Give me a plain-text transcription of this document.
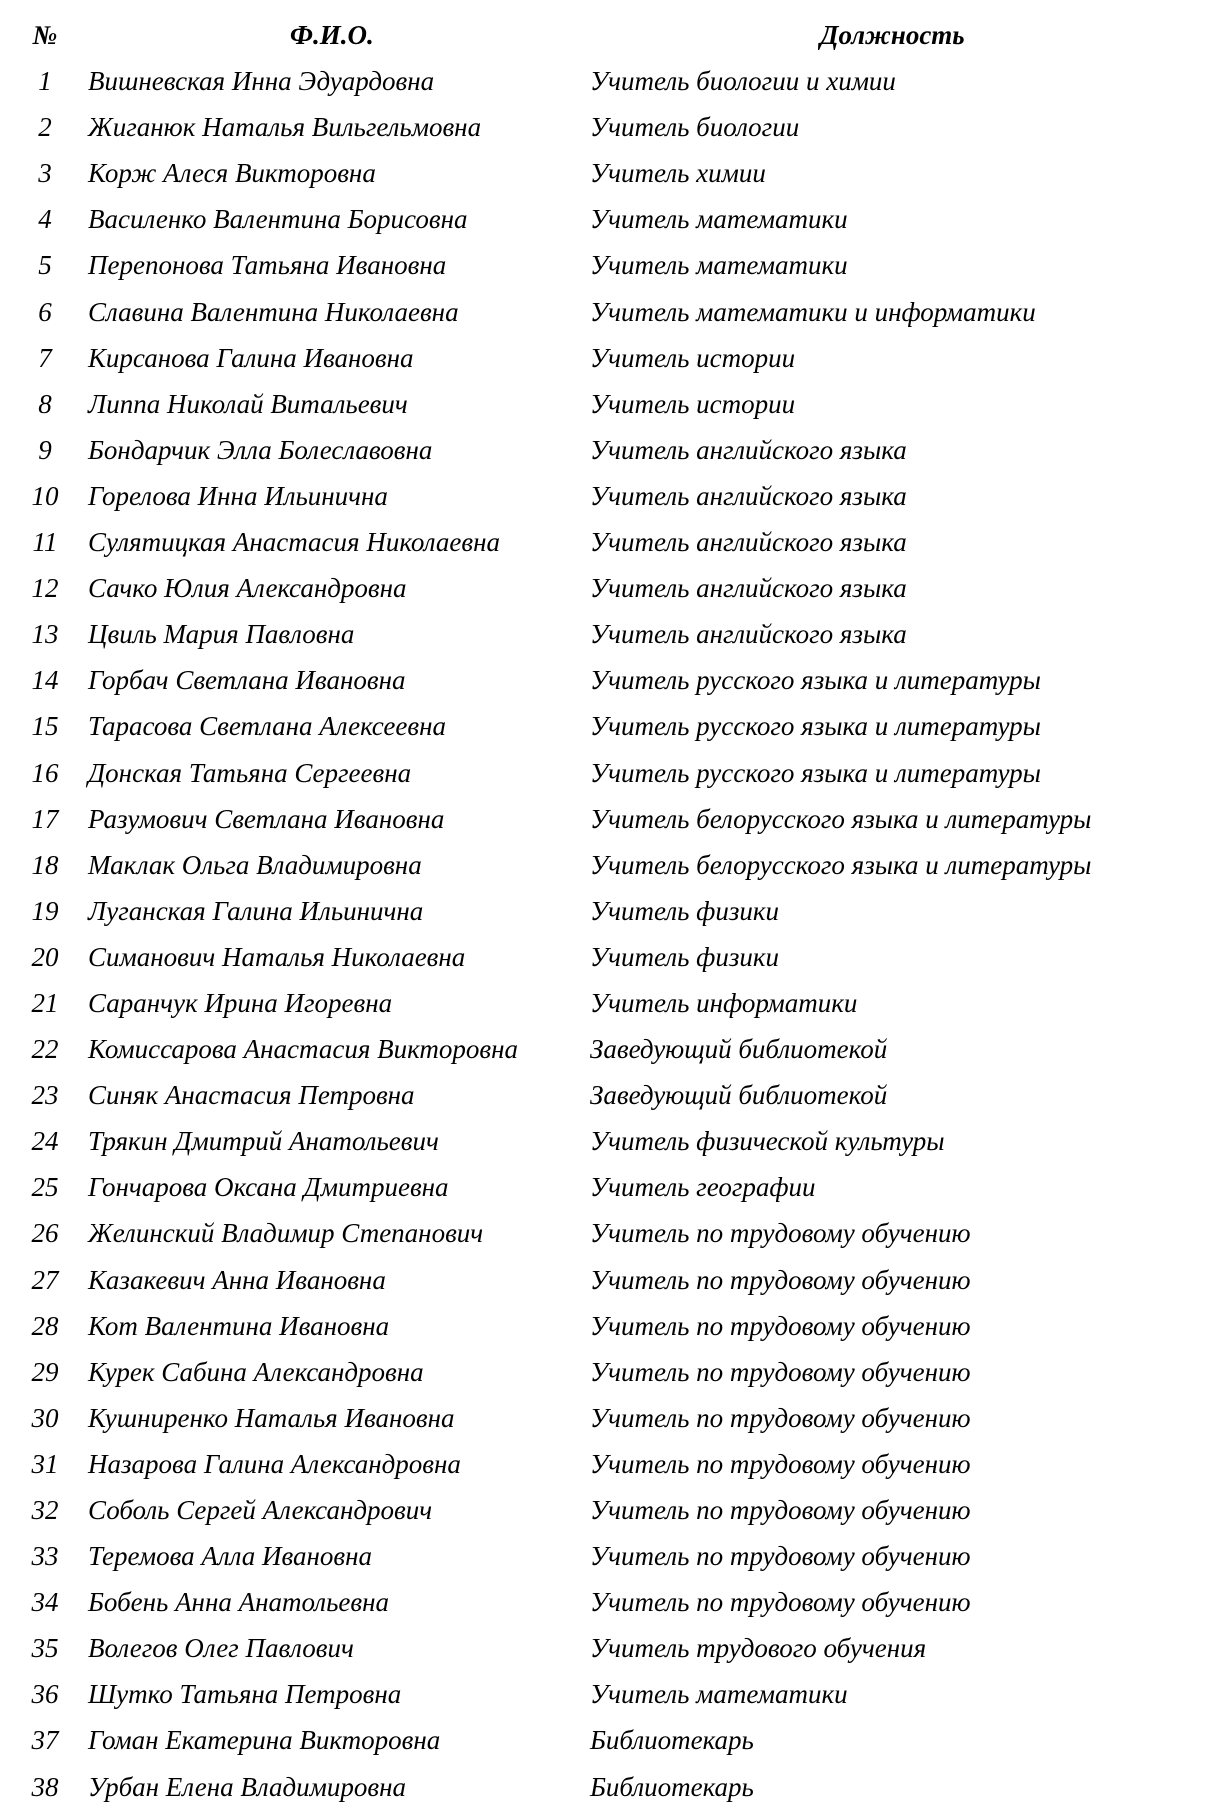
№	Ф.И.О.	Должность
1	Вишневская Инна Эдуардовна	Учитель биологии и химии
2	Жиганюк Наталья Вильгельмовна	Учитель биологии
3	Корж Алеся Викторовна	Учитель химии
4	Василенко Валентина Борисовна	Учитель математики
5	Перепонова Татьяна Ивановна	Учитель математики
6	Славина Валентина Николаевна	Учитель математики и информатики
7	Кирсанова Галина Ивановна	Учитель истории
8	Липпа Николай Витальевич	Учитель истории
9	Бондарчик Элла Болеславовна	Учитель английского языка
10	Горелова Инна Ильинична	Учитель английского языка
11	Сулятицкая Анастасия Николаевна	Учитель английского языка
12	Сачко Юлия Александровна	Учитель английского языка
13	Цвиль Мария Павловна	Учитель английского языка
14	Горбач Светлана Ивановна	Учитель русского языка и литературы
15	Тарасова Светлана Алексеевна	Учитель русского языка и литературы
16	Донская Татьяна Сергеевна	Учитель русского языка и литературы
17	Разумович Светлана Ивановна	Учитель белорусского языка и литературы
18	Маклак Ольга Владимировна	Учитель белорусского языка и литературы
19	Луганская Галина Ильинична	Учитель физики
20	Симанович Наталья Николаевна	Учитель физики
21	Саранчук Ирина Игоревна	Учитель информатики
22	Комиссарова Анастасия Викторовна	Заведующий библиотекой
23	Синяк Анастасия Петровна	Заведующий библиотекой
24	Трякин Дмитрий Анатольевич	Учитель физической культуры
25	Гончарова Оксана Дмитриевна	Учитель географии
26	Желинский Владимир Степанович	Учитель по трудовому обучению
27	Казакевич Анна Ивановна	Учитель по трудовому обучению
28	Кот Валентина Ивановна	Учитель по трудовому обучению
29	Курек Сабина Александровна	Учитель по трудовому обучению
30	Кушниренко Наталья Ивановна	Учитель по трудовому обучению
31	Назарова Галина Александровна	Учитель по трудовому обучению
32	Соболь Сергей Александрович	Учитель по трудовому обучению
33	Теремова Алла Ивановна	Учитель по трудовому обучению
34	Бобень Анна Анатольевна	Учитель по трудовому обучению
35	Волегов Олег Павлович	Учитель трудового обучения
36	Шутко Татьяна Петровна	Учитель математики
37	Гоман Екатерина Викторовна	Библиотекарь
38	Урбан Елена Владимировна	Библиотекарь
